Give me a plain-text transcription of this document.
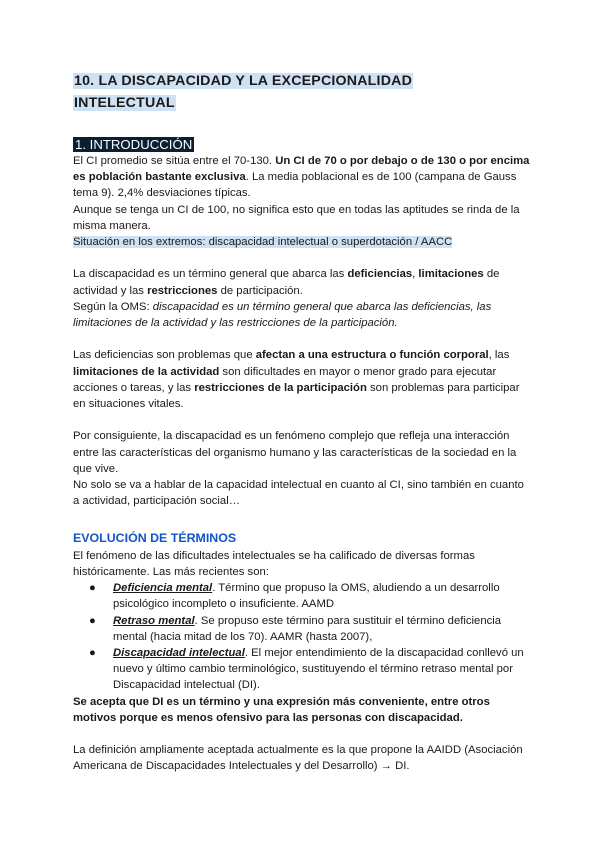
10. LA DISCAPACIDAD Y LA EXCEPCIONALIDAD
INTELECTUAL
1. INTRODUCCIÓN

El CI promedio se sitúa entre el 70-130. Un CI de 70 o por debajo o de 130 o por encima es población bastante exclusiva. La media poblacional es de 100 (campana de Gauss tema 9). 2,4% desviaciones típicas.

Aunque se tenga un CI de 100, no significa esto que en todas las aptitudes se rinda de la misma manera.

Situación en los extremos: discapacidad intelectual o superdotación / AACC

La discapacidad es un término general que abarca las deficiencias, limitaciones de actividad y las restricciones de participación.

Según la OMS: discapacidad es un término general que abarca las deficiencias, las limitaciones de la actividad y las restricciones de la participación.

Las deficiencias son problemas que afectan a una estructura o función corporal, las limitaciones de la actividad son dificultades en mayor o menor grado para ejecutar acciones o tareas, y las restricciones de la participación son problemas para participar en situaciones vitales.

Por consiguiente, la discapacidad es un fenómeno complejo que refleja una interacción entre las características del organismo humano y las características de la sociedad en la que vive.

No solo se va a hablar de la capacidad intelectual en cuanto al CI, sino también en cuanto a actividad, participación social…

EVOLUCIÓN DE TÉRMINOS

El fenómeno de las dificultades intelectuales se ha calificado de diversas formas históricamente. Las más recientes son:

● Deficiencia mental. Término que propuso la OMS, aludiendo a un desarrollo psicológico incompleto o insuficiente. AAMD
● Retraso mental. Se propuso este término para sustituir el término deficiencia mental (hacia mitad de los 70). AAMR (hasta 2007),
● Discapacidad intelectual. El mejor entendimiento de la discapacidad conllevó un nuevo y último cambio terminológico, sustituyendo el término retraso mental por Discapacidad intelectual (DI).

Se acepta que DI es un término y una expresión más conveniente, entre otros motivos porque es menos ofensivo para las personas con discapacidad.

La definición ampliamente aceptada actualmente es la que propone la AAIDD (Asociación Americana de Discapacidades Intelectuales y del Desarrollo) → DI.
